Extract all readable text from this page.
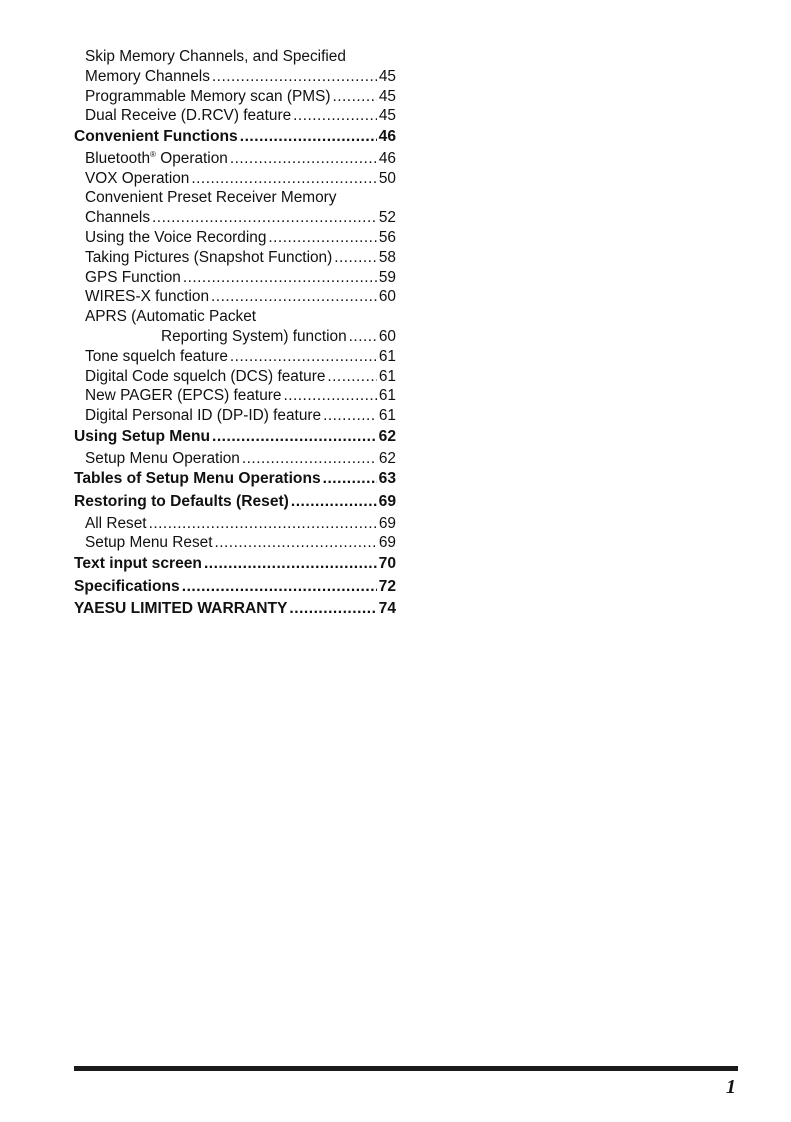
Skip Memory Channels, and Specified
Memory Channels .....	45
Programmable Memory scan (PMS) .....	45
Dual Receive (D.RCV) feature .....	45
Convenient Functions .....	46
Bluetooth® Operation .....	46
VOX Operation .....	50
Convenient Preset Receiver Memory
Channels .....	52
Using the Voice Recording .....	56
Taking Pictures (Snapshot Function) .....	58
GPS Function .....	59
WIRES-X function .....	60
APRS (Automatic Packet
Reporting System) function ..... 60
Tone squelch feature .....	61
Digital Code squelch (DCS) feature .....	61
New PAGER (EPCS) feature .....	61
Digital Personal ID (DP-ID) feature .....	61
Using Setup Menu .....	62
Setup Menu Operation .....	62
Tables of Setup Menu Operations .....	63
Restoring to Defaults (Reset) .....	69
All Reset .....	69
Setup Menu Reset .....	69
Text input screen .....	70
Specifications .....	72
YAESU LIMITED WARRANTY .....	74
1
